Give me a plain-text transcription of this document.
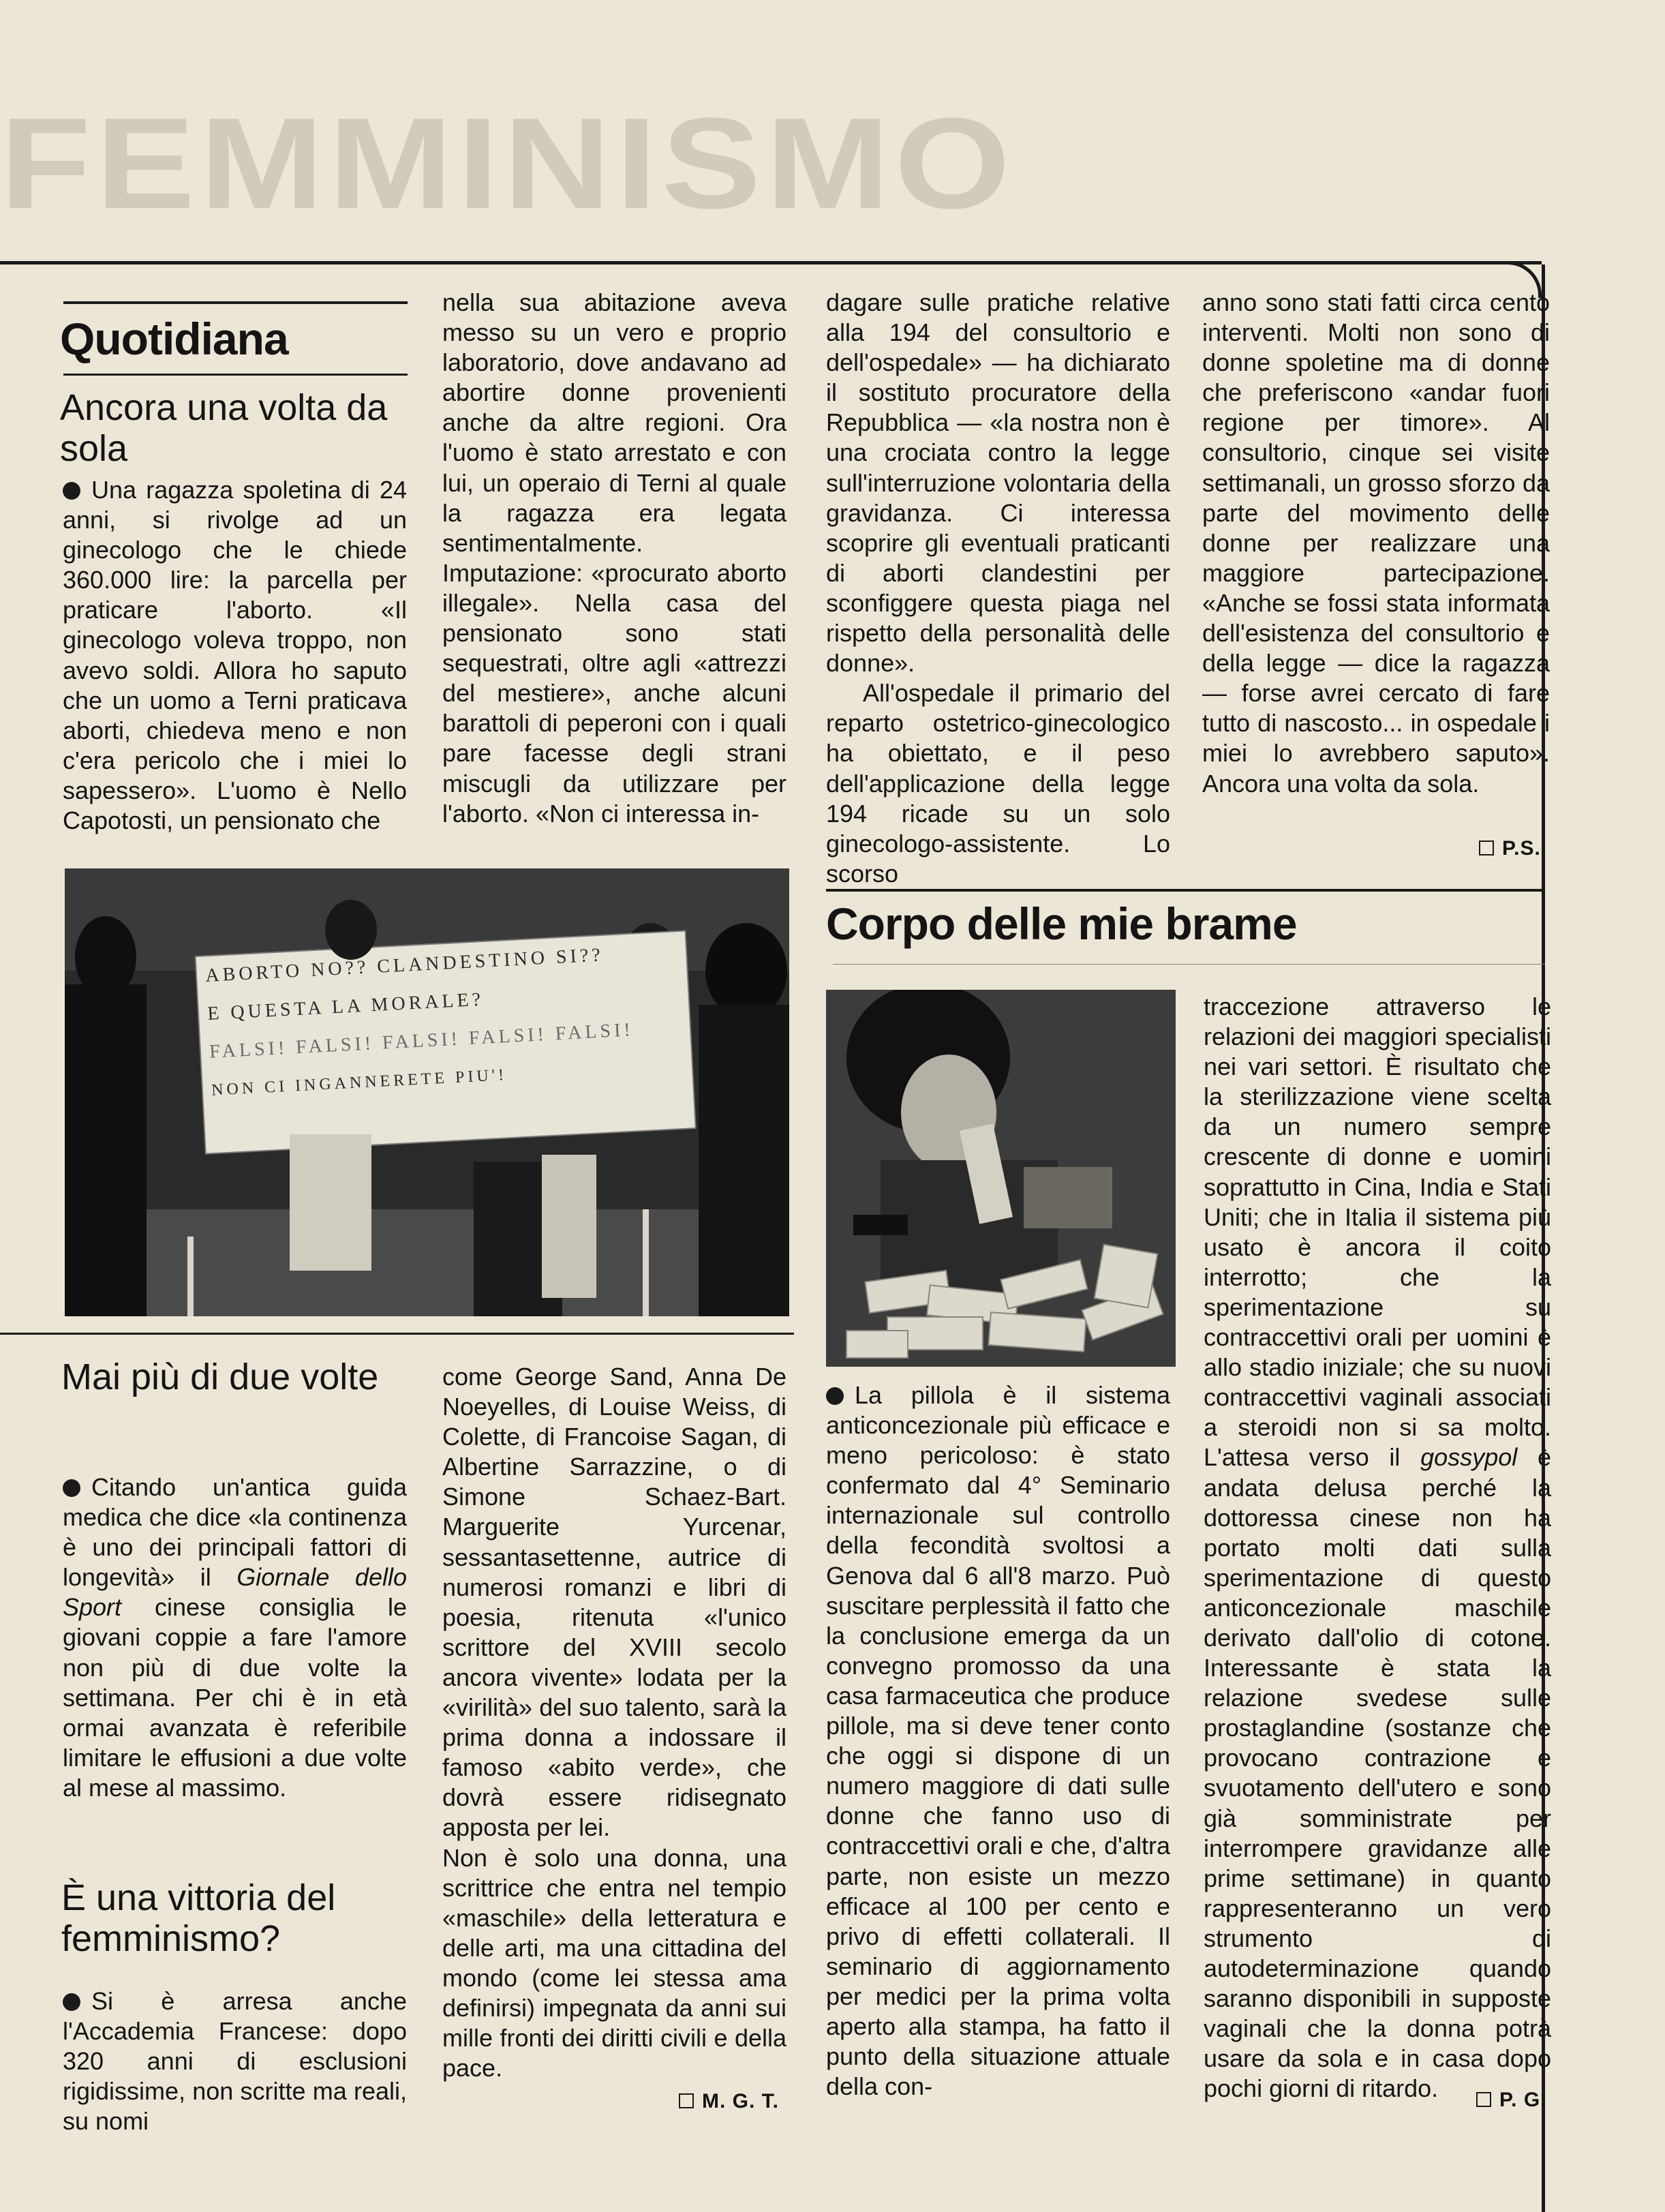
FEMMINISMO
Quotidiana
Ancora una volta da sola

Una ragazza spoletina di 24 anni, si rivolge ad un ginecologo che le chiede 360.000 lire: la parcella per praticare l'aborto. «Il ginecologo voleva troppo, non avevo soldi. Allora ho saputo che un uomo a Terni praticava aborti, chiedeva meno e non c'era pericolo che i miei lo sapessero». L'uomo è Nello Capotosti, un pensionato che

nella sua abitazione aveva messo su un vero e proprio laboratorio, dove andavano ad abortire donne provenienti anche da altre regioni. Ora l'uomo è stato arrestato e con lui, un operaio di Terni al quale la ragazza era legata sentimentalmente. Imputazione: «procurato aborto illegale». Nella casa del pensionato sono stati sequestrati, oltre agli «attrezzi del mestiere», anche alcuni barattoli di peperoni con i quali pare facesse degli strani miscugli da utilizzare per l'aborto. «Non ci interessa in-

dagare sulle pratiche relative alla 194 del consultorio e dell'ospedale» — ha dichiarato il sostituto procuratore della Repubblica — «la nostra non è una crociata contro la legge sull'interruzione volontaria della gravidanza. Ci interessa scoprire gli eventuali praticanti di aborti clandestini per sconfiggere questa piaga nel rispetto della personalità delle donne».

All'ospedale il primario del reparto ostetrico-ginecologico ha obiettato, e il peso dell'applicazione della legge 194 ricade su un solo ginecologo-assistente. Lo scorso

anno sono stati fatti circa cento interventi. Molti non sono di donne spoletine ma di donne che preferiscono «andar fuori regione per timore». Al consultorio, cinque sei visite settimanali, un grosso sforzo da parte del movimento delle donne per realizzare una maggiore partecipazione. «Anche se fossi stata informata dell'esistenza del consultorio e della legge — dice la ragazza — forse avrei cercato di fare tutto di nascosto... in ospedale i miei lo avrebbero saputo». Ancora una volta da sola.

P.S.
ABORTO NO?? CLANDESTINO SI??
E QUESTA LA MORALE?
FALSI! FALSI! FALSI! FALSI! FALSI!
NON CI INGANNERETE PIU'!
Mai più di due volte

Citando un'antica guida medica che dice «la continenza è uno dei principali fattori di longevità» il Giornale dello Sport cinese consiglia le giovani coppie a fare l'amore non più di due volte la settimana. Per chi è in età ormai avanzata è referibile limitare le effusioni a due volte al mese al massimo.

È una vittoria del femminismo?

Si è arresa anche l'Accademia Francese: dopo 320 anni di esclusioni rigidissime, non scritte ma reali, su nomi

come George Sand, Anna De Noeyelles, di Louise Weiss, di Colette, di Francoise Sagan, di Albertine Sarrazzine, o di Simone Schaez-Bart. Marguerite Yurcenar, sessantasettenne, autrice di numerosi romanzi e libri di poesia, ritenuta «l'unico scrittore del XVIII secolo ancora vivente» lodata per la «virilità» del suo talento, sarà la prima donna a indossare il famoso «abito verde», che dovrà essere ridisegnato apposta per lei.

Non è solo una donna, una scrittrice che entra nel tempio «maschile» della letteratura e delle arti, ma una cittadina del mondo (come lei stessa ama definirsi) impegnata da anni sui mille fronti dei diritti civili e della pace.

M. G. T.
Corpo delle mie brame

La pillola è il sistema anticoncezionale più efficace e meno pericoloso: è stato confermato dal 4° Seminario internazionale sul controllo della fecondità svoltosi a Genova dal 6 all'8 marzo. Può suscitare perplessità il fatto che la conclusione emerga da un convegno promosso da una casa farmaceutica che produce pillole, ma si deve tener conto che oggi si dispone di un numero maggiore di dati sulle donne che fanno uso di contraccettivi orali e che, d'altra parte, non esiste un mezzo efficace al 100 per cento e privo di effetti collaterali. Il seminario di aggiornamento per medici per la prima volta aperto alla stampa, ha fatto il punto della situazione attuale della con-

traccezione attraverso le relazioni dei maggiori specialisti nei vari settori. È risultato che la sterilizzazione viene scelta da un numero sempre crescente di donne e uomini soprattutto in Cina, India e Stati Uniti; che in Italia il sistema più usato è ancora il coito interrotto; che la sperimentazione su contraccettivi orali per uomini è allo stadio iniziale; che su nuovi contraccettivi vaginali associati a steroidi non si sa molto. L'attesa verso il gossypol è andata delusa perché la dottoressa cinese non ha portato molti dati sulla sperimentazione di questo anticoncezionale maschile derivato dall'olio di cotone. Interessante è stata la relazione svedese sulle prostaglandine (sostanze che provocano contrazione e svuotamento dell'utero e sono già somministrate per interrompere gravidanze alle prime settimane) in quanto rappresenteranno un vero strumento di autodeterminazione quando saranno disponibili in supposte vaginali che la donna potrà usare da sola e in casa dopo pochi giorni di ritardo.	P. G.
